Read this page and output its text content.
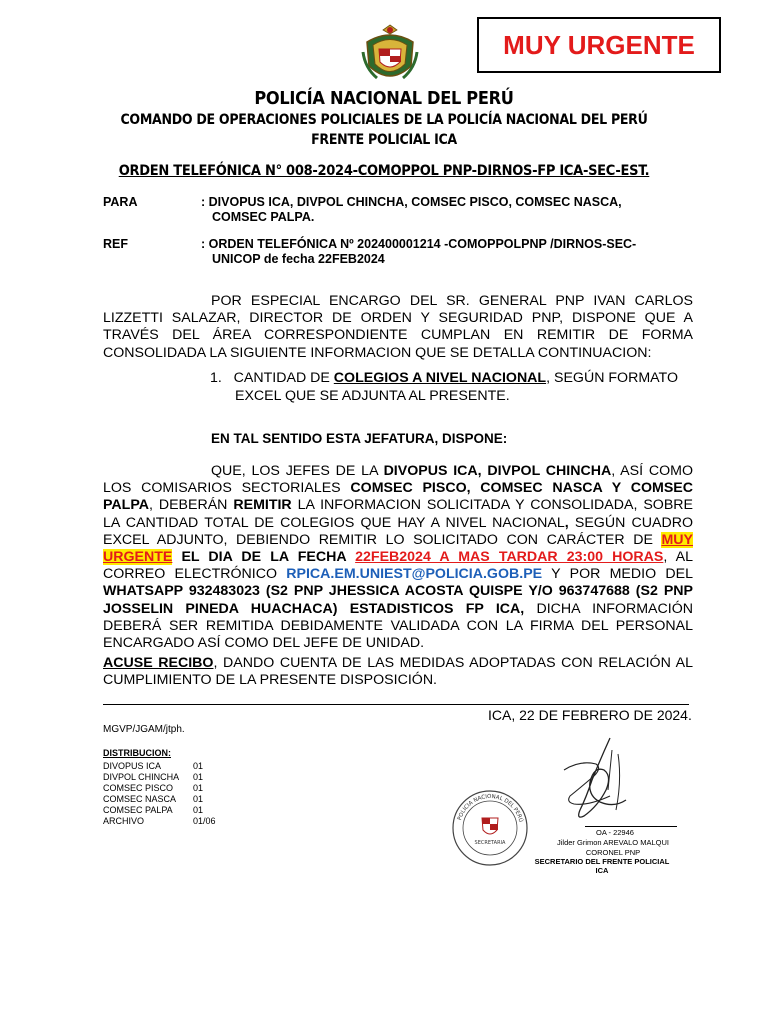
MUY URGENTE
POLICÍA NACIONAL DEL PERÚ
COMANDO DE OPERACIONES POLICIALES DE LA POLICÍA NACIONAL DEL PERÚ
FRENTE POLICIAL ICA
ORDEN TELEFÓNICA N° 008-2024-COMOPPOL PNP-DIRNOS-FP ICA-SEC-EST.
PARA	: DIVOPUS ICA, DIVPOL CHINCHA, COMSEC PISCO, COMSEC NASCA,
COMSEC PALPA.
REF	: ORDEN TELEFÓNICA Nº 202400001214 -COMOPPOLPNP /DIRNOS-SEC-
UNICOP de fecha 22FEB2024
POR ESPECIAL ENCARGO DEL SR. GENERAL PNP IVAN CARLOS LIZZETTI SALAZAR, DIRECTOR DE ORDEN Y SEGURIDAD PNP, DISPONE QUE A TRAVÉS DEL ÁREA CORRESPONDIENTE CUMPLAN EN REMITIR DE FORMA CONSOLIDADA LA SIGUIENTE INFORMACION QUE SE DETALLA CONTINUACION:
1. CANTIDAD DE COLEGIOS A NIVEL NACIONAL, SEGÚN FORMATO
EXCEL QUE SE ADJUNTA AL PRESENTE.
EN TAL SENTIDO ESTA JEFATURA, DISPONE:
QUE, LOS JEFES DE LA DIVOPUS ICA, DIVPOL CHINCHA, ASÍ COMO LOS COMISARIOS SECTORIALES COMSEC PISCO, COMSEC NASCA Y COMSEC PALPA, DEBERÁN REMITIR LA INFORMACION SOLICITADA Y CONSOLIDADA, SOBRE LA CANTIDAD TOTAL DE COLEGIOS QUE HAY A NIVEL NACIONAL, SEGÚN CUADRO EXCEL ADJUNTO, DEBIENDO REMITIR LO SOLICITADO CON CARÁCTER DE MUY URGENTE EL DIA DE LA FECHA 22FEB2024 A MAS TARDAR 23:00 HORAS, AL CORREO ELECTRÓNICO RPICA.EM.UNIEST@POLICIA.GOB.PE Y POR MEDIO DEL WHATSAPP 932483023 (S2 PNP JHESSICA ACOSTA QUISPE Y/O 963747688 (S2 PNP JOSSELIN PINEDA HUACHACA) ESTADISTICOS FP ICA, DICHA INFORMACIÓN DEBERÁ SER REMITIDA DEBIDAMENTE VALIDADA CON LA FIRMA DEL PERSONAL ENCARGADO ASÍ COMO DEL JEFE DE UNIDAD.
ACUSE RECIBO, DANDO CUENTA DE LAS MEDIDAS ADOPTADAS CON RELACIÓN AL CUMPLIMIENTO DE LA PRESENTE DISPOSICIÓN.
ICA, 22 DE FEBRERO DE 2024.
MGVP/JGAM/jtph.
DISTRIBUCION:
DIVOPUS ICA	01
DIVPOL CHINCHA 01
COMSEC PISCO 01
COMSEC NASCA 01
COMSEC PALPA 01
ARCHIVO	01/06
SECRETARIA
POLICIA NACIONAL DEL PERÚ
OA - 22946
Jilder Grimon AREVALO MALQUI
CORONEL PNP
SECRETARIO DEL FRENTE POLICIAL ICA
